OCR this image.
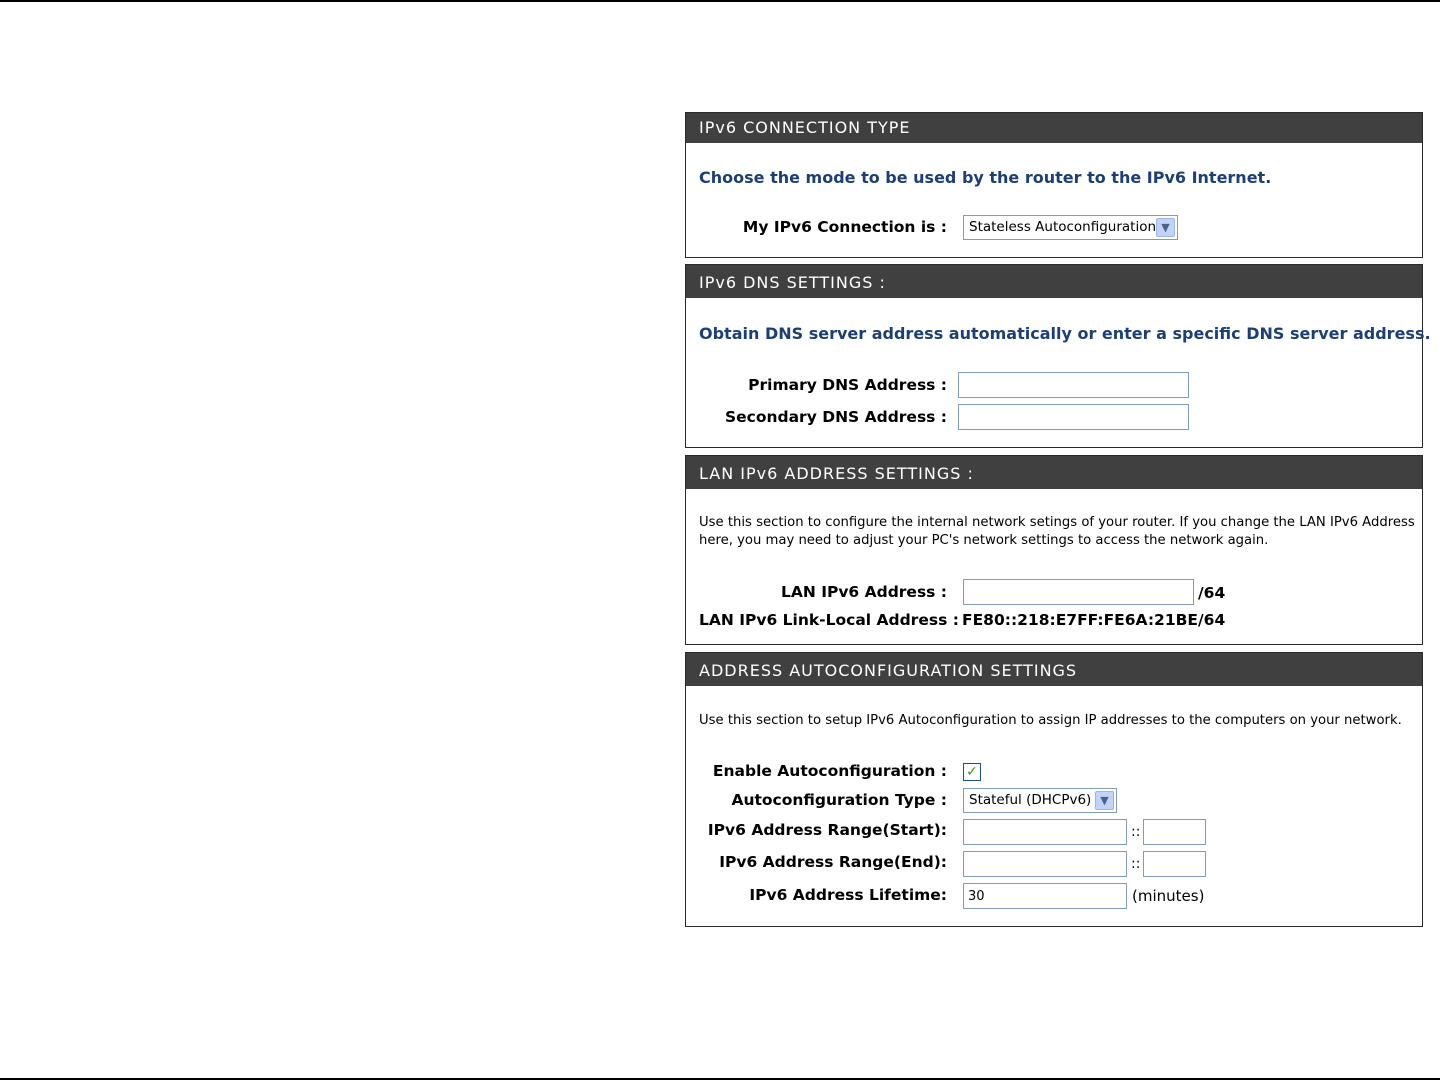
IPv6 CONNECTION TYPE
Choose the mode to be used by the router to the IPv6 Internet.
My IPv6 Connection is :	Stateless Autoconfiguration ▼
IPv6 DNS SETTINGS :
Obtain DNS server address automatically or enter a specific DNS server address.
Primary DNS Address :
Secondary DNS Address :
LAN IPv6 ADDRESS SETTINGS :
Use this section to configure the internal network setings of your router. If you change the LAN IPv6 Address here, you may need to adjust your PC's network settings to access the network again.
LAN IPv6 Address :	/64
LAN IPv6 Link-Local Address : FE80::218:E7FF:FE6A:21BE/64
ADDRESS AUTOCONFIGURATION SETTINGS
Use this section to setup IPv6 Autoconfiguration to assign IP addresses to the computers on your network.
Enable Autoconfiguration : ✓
Autoconfiguration Type :	Stateful (DHCPv6) ▼
IPv6 Address Range(Start):	::
IPv6 Address Range(End):	::
IPv6 Address Lifetime:
30	(minutes)
